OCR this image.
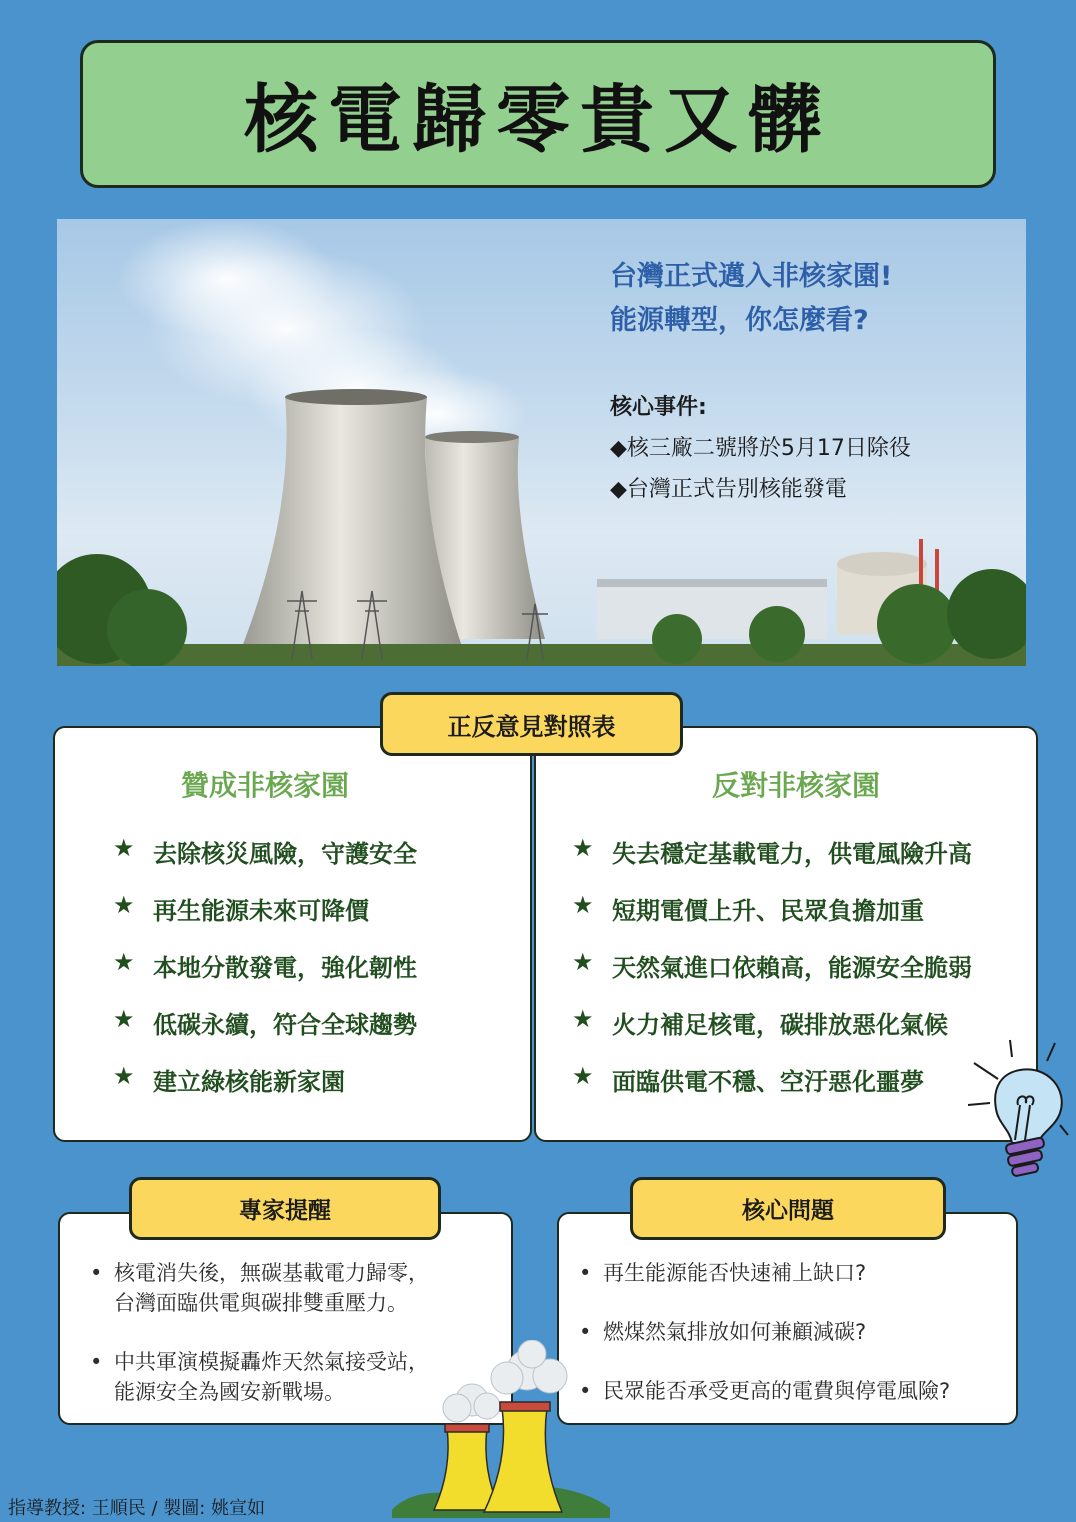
核電歸零貴又髒
台灣正式邁入非核家園!
能源轉型，你怎麼看?
核心事件:
◆核三廠二號將於5月17日除役
◆台灣正式告別核能發電
正反意見對照表
贊成非核家園
★ 去除核災風險，守護安全
★ 再生能源未來可降價
★ 本地分散發電，強化韌性
★ 低碳永續，符合全球趨勢
★ 建立綠核能新家園
反對非核家園
★ 失去穩定基載電力，供電風險升高
★ 短期電價上升、民眾負擔加重
★ 天然氣進口依賴高，能源安全脆弱
★ 火力補足核電，碳排放惡化氣候
★ 面臨供電不穩、空汙惡化噩夢
• 核電消失後，無碳基載電力歸零，
台灣面臨供電與碳排雙重壓力。
• 中共軍演模擬轟炸天然氣接受站，
能源安全為國安新戰場。
專家提醒
• 再生能源能否快速補上缺口?
• 燃煤然氣排放如何兼顧減碳?
• 民眾能否承受更高的電費與停電風險?
核心問題
指導教授: 王順民 / 製圖: 姚宣如
